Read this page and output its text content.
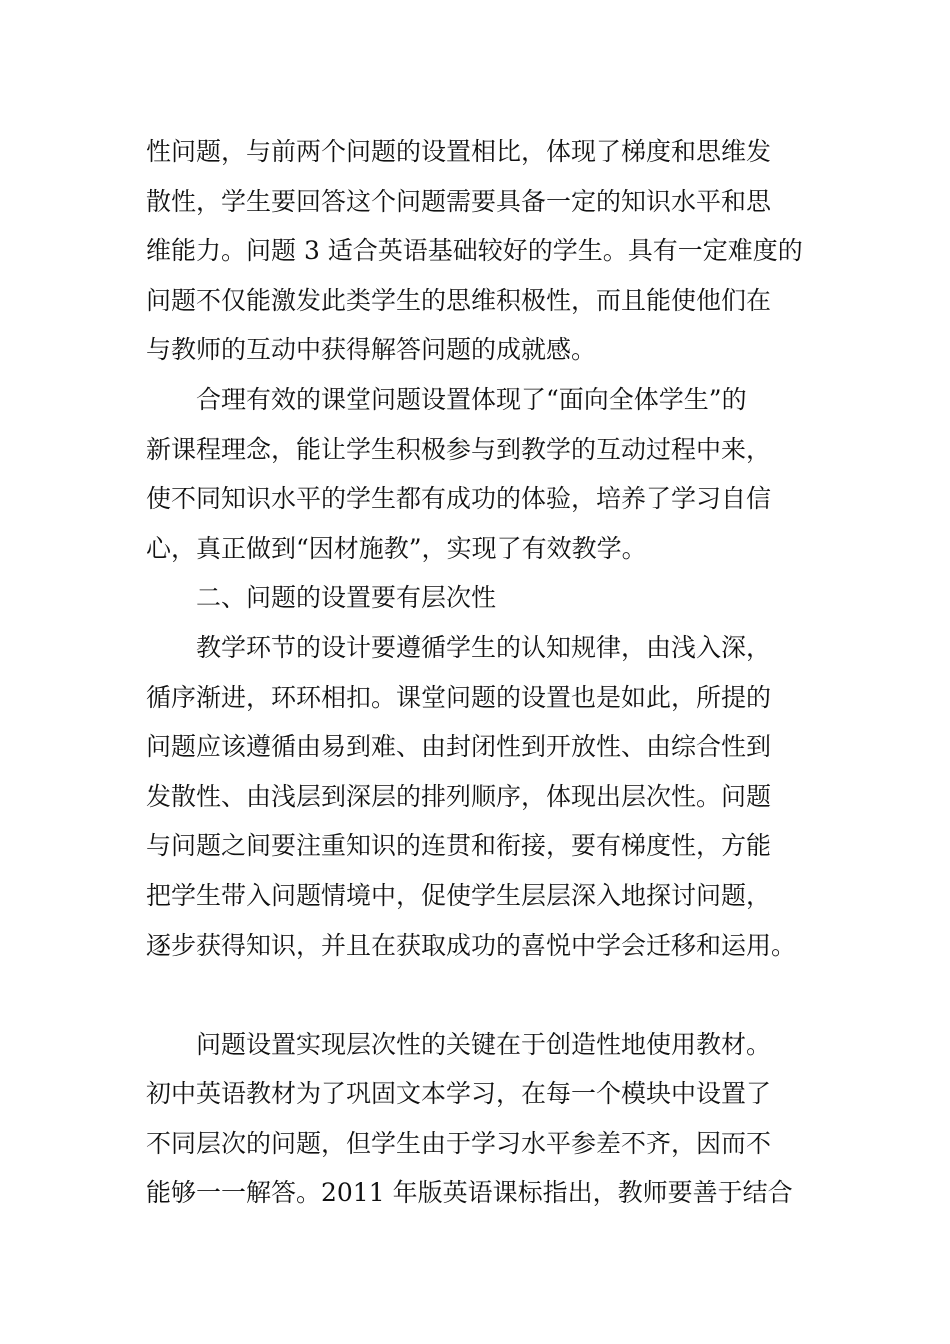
性问题，与前两个问题的设置相比，体现了梯度和思维发
散性，学生要回答这个问题需要具备一定的知识水平和思
维能力。问题 3 适合英语基础较好的学生。具有一定难度的
问题不仅能激发此类学生的思维积极性，而且能使他们在
与教师的互动中获得解答问题的成就感。
合理有效的课堂问题设置体现了“面向全体学生”的
新课程理念，能让学生积极参与到教学的互动过程中来，
使不同知识水平的学生都有成功的体验，培养了学习自信
心，真正做到“因材施教”，实现了有效教学。
二、问题的设置要有层次性
教学环节的设计要遵循学生的认知规律，由浅入深，
循序渐进，环环相扣。课堂问题的设置也是如此，所提的
问题应该遵循由易到难、由封闭性到开放性、由综合性到
发散性、由浅层到深层的排列顺序，体现出层次性。问题
与问题之间要注重知识的连贯和衔接，要有梯度性，方能
把学生带入问题情境中，促使学生层层深入地探讨问题，
逐步获得知识，并且在获取成功的喜悦中学会迁移和运用。
问题设置实现层次性的关键在于创造性地使用教材。
初中英语教材为了巩固文本学习，在每一个模块中设置了
不同层次的问题，但学生由于学习水平参差不齐，因而不
能够一一解答。2011 年版英语课标指出，教师要善于结合
